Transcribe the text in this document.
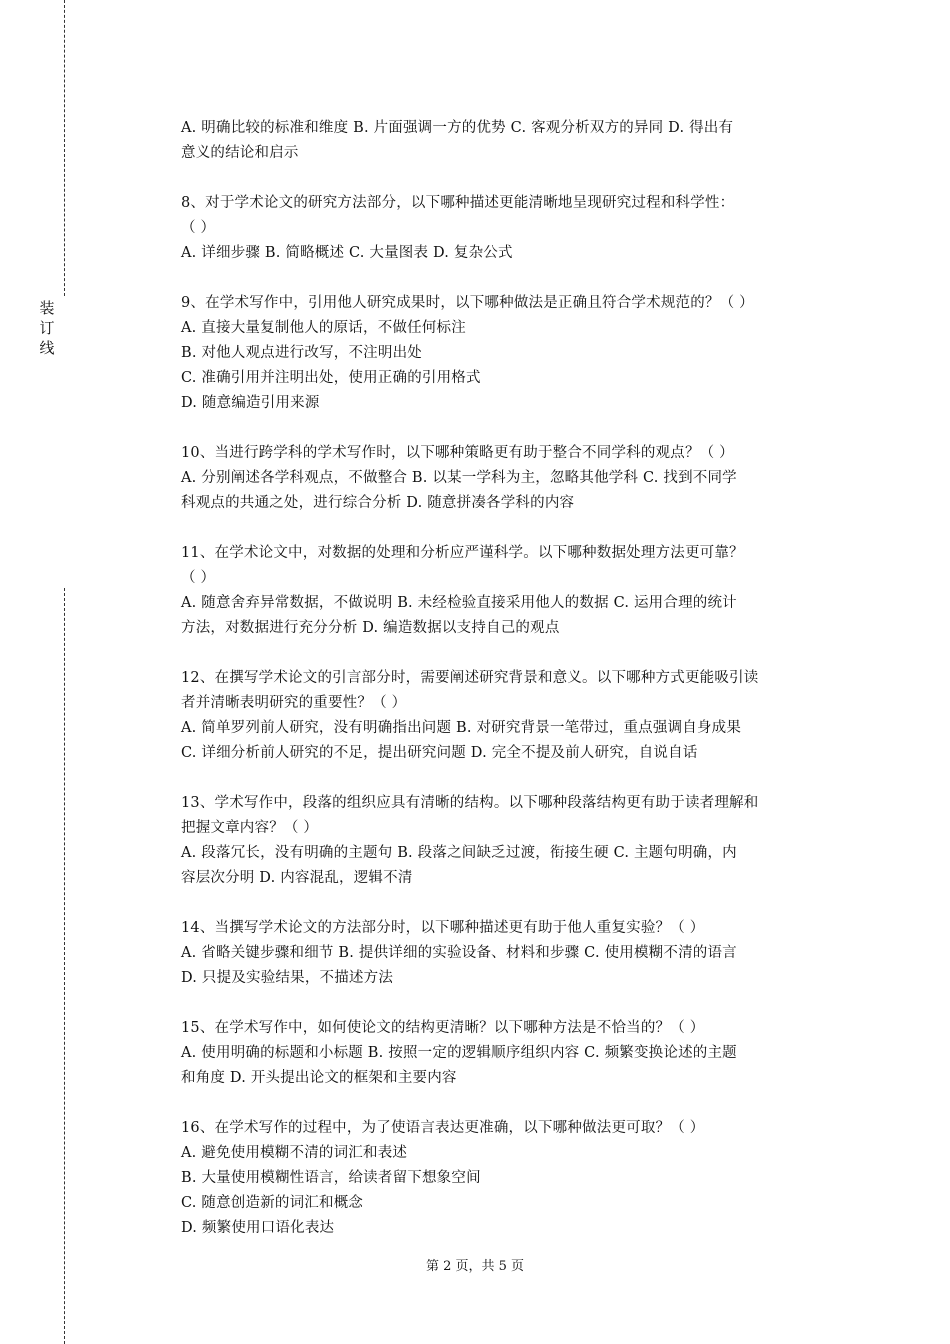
装
订
线

A. 明确比较的标准和维度 B. 片面强调一方的优势 C. 客观分析双方的异同 D. 得出有

意义的结论和启示

8、对于学术论文的研究方法部分，以下哪种描述更能清晰地呈现研究过程和科学性：

（ ）

A. 详细步骤 B. 简略概述 C. 大量图表 D. 复杂公式

9、在学术写作中，引用他人研究成果时，以下哪种做法是正确且符合学术规范的？（ ）

A. 直接大量复制他人的原话，不做任何标注

B. 对他人观点进行改写，不注明出处

C. 准确引用并注明出处，使用正确的引用格式

D. 随意编造引用来源

10、当进行跨学科的学术写作时，以下哪种策略更有助于整合不同学科的观点？（ ）

A. 分别阐述各学科观点，不做整合 B. 以某一学科为主，忽略其他学科 C. 找到不同学

科观点的共通之处，进行综合分析 D. 随意拼凑各学科的内容

11、在学术论文中，对数据的处理和分析应严谨科学。以下哪种数据处理方法更可靠？

（ ）

A. 随意舍弃异常数据，不做说明 B. 未经检验直接采用他人的数据 C. 运用合理的统计

方法，对数据进行充分分析 D. 编造数据以支持自己的观点

12、在撰写学术论文的引言部分时，需要阐述研究背景和意义。以下哪种方式更能吸引读

者并清晰表明研究的重要性？（ ）

A. 简单罗列前人研究，没有明确指出问题 B. 对研究背景一笔带过，重点强调自身成果

C. 详细分析前人研究的不足，提出研究问题 D. 完全不提及前人研究，自说自话

13、学术写作中，段落的组织应具有清晰的结构。以下哪种段落结构更有助于读者理解和

把握文章内容？（ ）

A. 段落冗长，没有明确的主题句 B. 段落之间缺乏过渡，衔接生硬 C. 主题句明确，内

容层次分明 D. 内容混乱，逻辑不清

14、当撰写学术论文的方法部分时，以下哪种描述更有助于他人重复实验？（ ）

A. 省略关键步骤和细节 B. 提供详细的实验设备、材料和步骤 C. 使用模糊不清的语言

D. 只提及实验结果，不描述方法

15、在学术写作中，如何使论文的结构更清晰？以下哪种方法是不恰当的？（ ）

A. 使用明确的标题和小标题 B. 按照一定的逻辑顺序组织内容 C. 频繁变换论述的主题

和角度 D. 开头提出论文的框架和主要内容

16、在学术写作的过程中，为了使语言表达更准确，以下哪种做法更可取？（ ）

A. 避免使用模糊不清的词汇和表述

B. 大量使用模糊性语言，给读者留下想象空间

C. 随意创造新的词汇和概念

D. 频繁使用口语化表达

第 2 页，共 5 页
